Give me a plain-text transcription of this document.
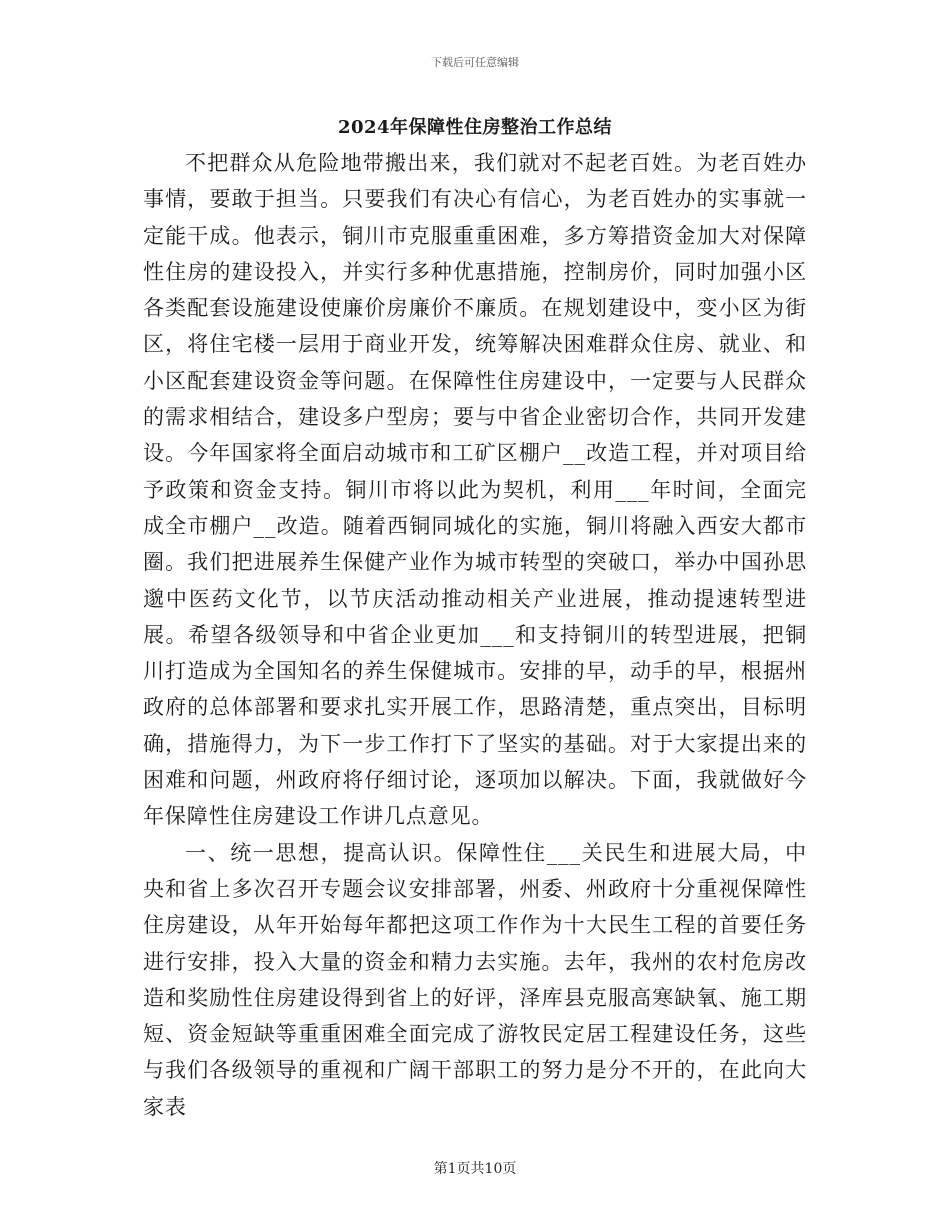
下载后可任意编辑
2024年保障性住房整治工作总结

不把群众从危险地带搬出来，我们就对不起老百姓。为老百姓办事情，要敢于担当。只要我们有决心有信心，为老百姓办的实事就一定能干成。他表示，铜川市克服重重困难，多方筹措资金加大对保障性住房的建设投入，并实行多种优惠措施，控制房价，同时加强小区各类配套设施建设使廉价房廉价不廉质。在规划建设中，变小区为街区，将住宅楼一层用于商业开发，统筹解决困难群众住房、就业、和小区配套建设资金等问题。在保障性住房建设中，一定要与人民群众的需求相结合，建设多户型房；要与中省企业密切合作，共同开发建设。今年国家将全面启动城市和工矿区棚户__改造工程，并对项目给予政策和资金支持。铜川市将以此为契机，利用___年时间，全面完成全市棚户__改造。随着西铜同城化的实施，铜川将融入西安大都市圈。我们把进展养生保健产业作为城市转型的突破口，举办中国孙思邈中医药文化节，以节庆活动推动相关产业进展，推动提速转型进展。希望各级领导和中省企业更加___和支持铜川的转型进展，把铜川打造成为全国知名的养生保健城市。安排的早，动手的早，根据州政府的总体部署和要求扎实开展工作，思路清楚，重点突出，目标明确，措施得力，为下一步工作打下了坚实的基础。对于大家提出来的困难和问题，州政府将仔细讨论，逐项加以解决。下面，我就做好今年保障性住房建设工作讲几点意见。

一、统一思想，提高认识。保障性住___关民生和进展大局，中央和省上多次召开专题会议安排部署，州委、州政府十分重视保障性住房建设，从年开始每年都把这项工作作为十大民生工程的首要任务进行安排，投入大量的资金和精力去实施。去年，我州的农村危房改造和奖励性住房建设得到省上的好评，泽库县克服高寒缺氧、施工期短、资金短缺等重重困难全面完成了游牧民定居工程建设任务，这些与我们各级领导的重视和广阔干部职工的努力是分不开的，在此向大家表

第1页共10页
